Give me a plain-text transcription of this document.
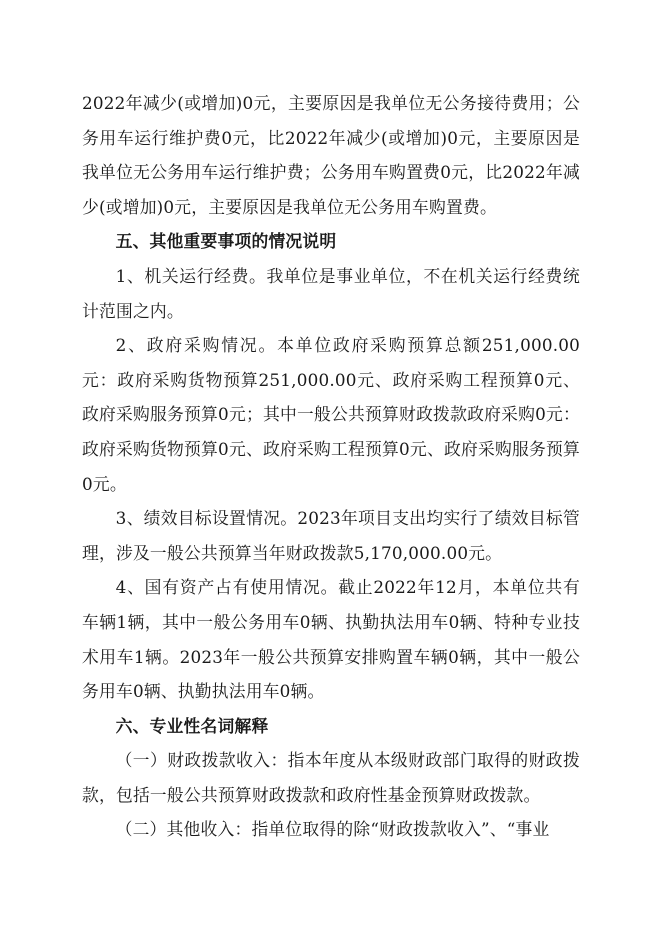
2022年减少(或增加)0元，主要原因是我单位无公务接待费用；公务用车运行维护费0元，比2022年减少(或增加)0元，主要原因是我单位无公务用车运行维护费；公务用车购置费0元，比2022年减少(或增加)0元，主要原因是我单位无公务用车购置费。

五、其他重要事项的情况说明

1、机关运行经费。我单位是事业单位，不在机关运行经费统计范围之内。

2、政府采购情况。本单位政府采购预算总额251,000.00元：政府采购货物预算251,000.00元、政府采购工程预算0元、政府采购服务预算0元；其中一般公共预算财政拨款政府采购0元：政府采购货物预算0元、政府采购工程预算0元、政府采购服务预算0元。

3、绩效目标设置情况。2023年项目支出均实行了绩效目标管理，涉及一般公共预算当年财政拨款5,170,000.00元。

4、国有资产占有使用情况。截止2022年12月，本单位共有车辆1辆，其中一般公务用车0辆、执勤执法用车0辆、特种专业技术用车1辆。2023年一般公共预算安排购置车辆0辆，其中一般公务用车0辆、执勤执法用车0辆。

六、专业性名词解释

（一）财政拨款收入：指本年度从本级财政部门取得的财政拨款，包括一般公共预算财政拨款和政府性基金预算财政拨款。

（二）其他收入：指单位取得的除“财政拨款收入”、“事业
